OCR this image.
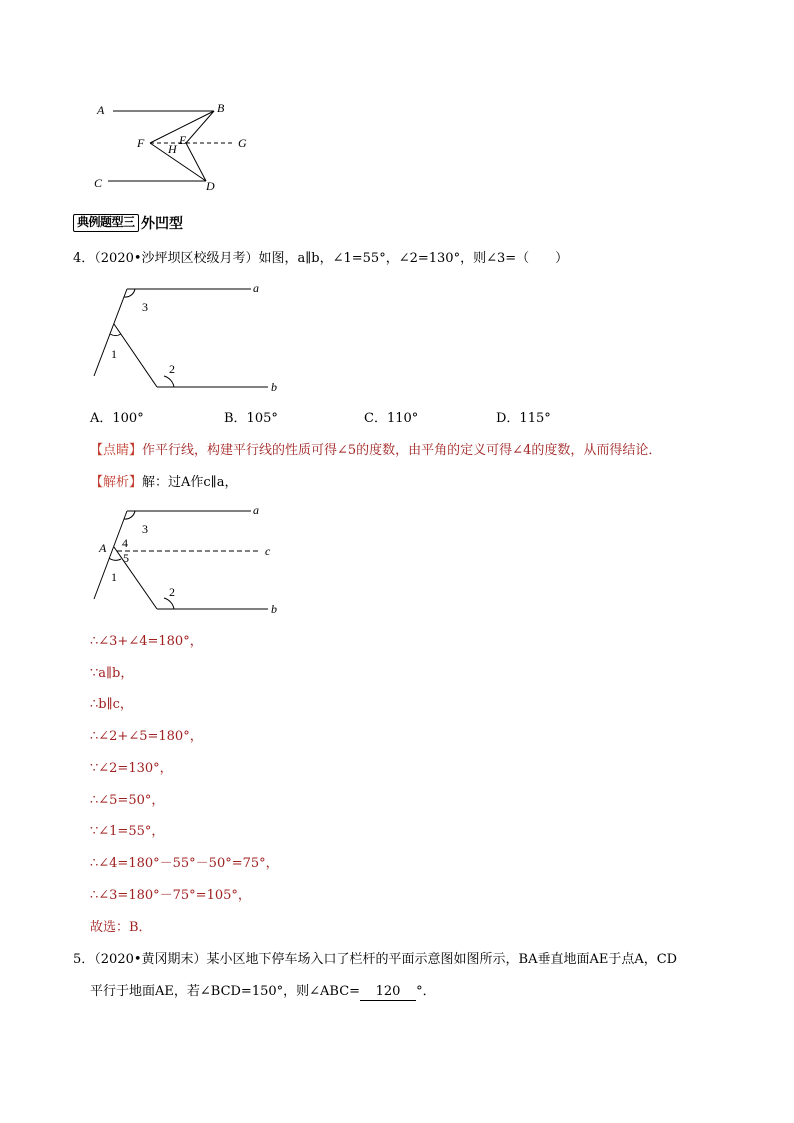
A	B
F H
E	G
C	D
典例题型三 外凹型
4．（2020•沙坪坝区校级月考）如图，a∥b，∠1=55°，∠2=130°，则∠3=（　　）
a
b
3
1
2
A．100°	B．105°	C．110°	D．115°
【点睛】作平行线，构建平行线的性质可得∠5的度数，由平角的定义可得∠4的度数，从而得结论．
【解析】解：过A作c∥a，
a
c
b
A
3
4
5
1
2
∴∠3+∠4=180°，
∵a∥b，
∴b∥c，
∴∠2+∠5=180°，
∵∠2=130°，
∴∠5=50°，
∵∠1=55°，
∴∠4=180°－55°－50°=75°，
∴∠3=180°－75°=105°，
故选：B．
5．（2020•黄冈期末）某小区地下停车场入口了栏杆的平面示意图如图所示，BA垂直地面AE于点A，CD
平行于地面AE，若∠BCD=150°，则∠ABC= 120 °．
